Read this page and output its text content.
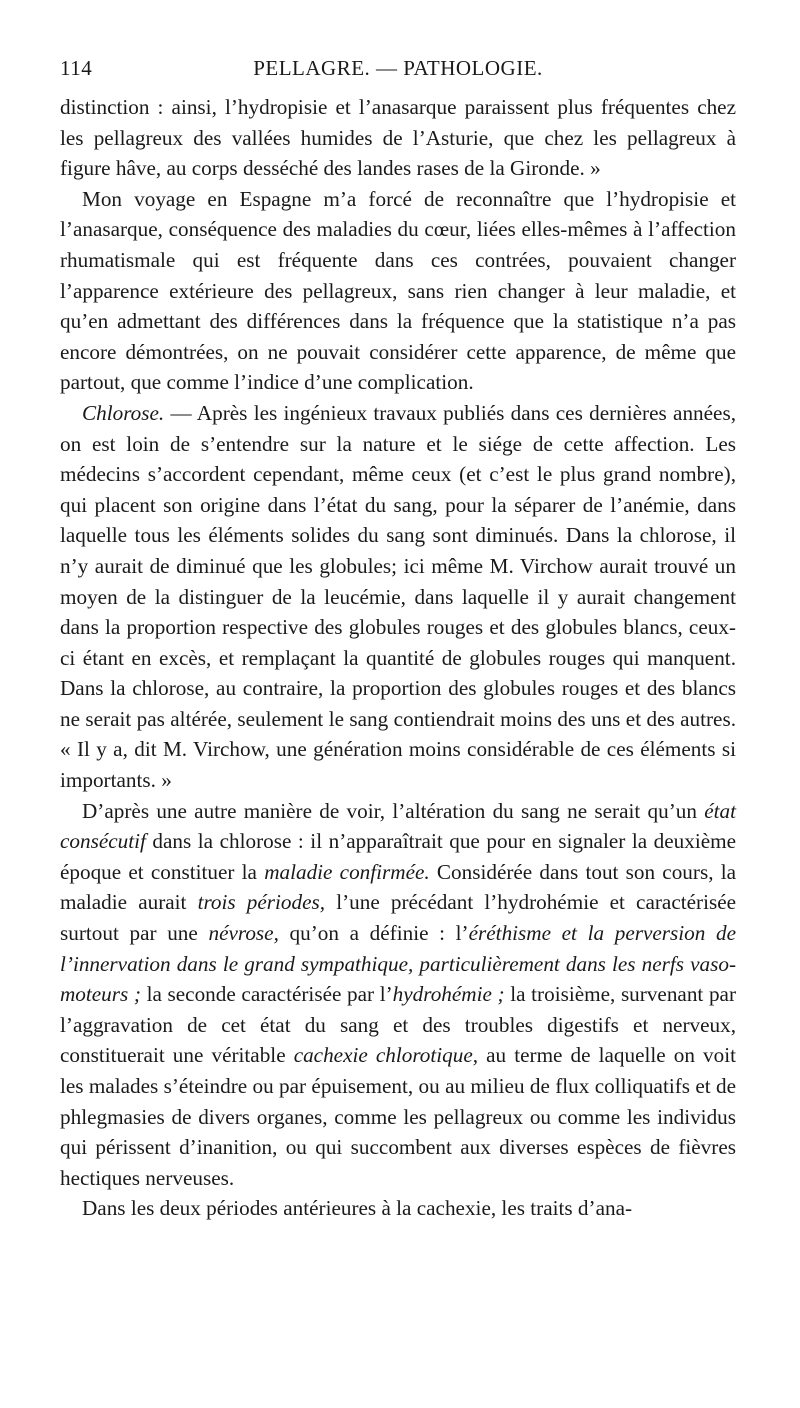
114	PELLAGRE. — PATHOLOGIE.

distinction : ainsi, l’hydropisie et l’anasarque paraissent plus fréquentes chez les pellagreux des vallées humides de l’Asturie, que chez les pellagreux à figure hâve, au corps desséché des landes rases de la Gironde. »

Mon voyage en Espagne m’a forcé de reconnaître que l’hydropisie et l’anasarque, conséquence des maladies du cœur, liées elles-mêmes à l’affection rhumatismale qui est fréquente dans ces contrées, pouvaient changer l’apparence extérieure des pellagreux, sans rien changer à leur maladie, et qu’en admettant des différences dans la fréquence que la statistique n’a pas encore démontrées, on ne pouvait considérer cette apparence, de même que partout, que comme l’indice d’une complication.

Chlorose. — Après les ingénieux travaux publiés dans ces dernières années, on est loin de s’entendre sur la nature et le siége de cette affection. Les médecins s’accordent cependant, même ceux (et c’est le plus grand nombre), qui placent son origine dans l’état du sang, pour la séparer de l’anémie, dans laquelle tous les éléments solides du sang sont diminués. Dans la chlorose, il n’y aurait de diminué que les globules; ici même M. Virchow aurait trouvé un moyen de la distinguer de la leucémie, dans laquelle il y aurait changement dans la proportion respective des globules rouges et des globules blancs, ceux-ci étant en excès, et remplaçant la quantité de globules rouges qui manquent. Dans la chlorose, au contraire, la proportion des globules rouges et des blancs ne serait pas altérée, seulement le sang contiendrait moins des uns et des autres. « Il y a, dit M. Virchow, une génération moins considérable de ces éléments si importants. »

D’après une autre manière de voir, l’altération du sang ne serait qu’un état consécutif dans la chlorose : il n’apparaîtrait que pour en signaler la deuxième époque et constituer la maladie confirmée. Considérée dans tout son cours, la maladie aurait trois périodes, l’une précédant l’hydrohémie et caractérisée surtout par une névrose, qu’on a définie : l’éréthisme et la perversion de l’innervation dans le grand sympathique, particulièrement dans les nerfs vaso-moteurs ; la seconde caractérisée par l’hydrohémie ; la troisième, survenant par l’aggravation de cet état du sang et des troubles digestifs et nerveux, constituerait une véritable cachexie chlorotique, au terme de laquelle on voit les malades s’éteindre ou par épuisement, ou au milieu de flux colliquatifs et de phlegmasies de divers organes, comme les pellagreux ou comme les individus qui périssent d’inanition, ou qui succombent aux diverses espèces de fièvres hectiques nerveuses.

Dans les deux périodes antérieures à la cachexie, les traits d’ana-
